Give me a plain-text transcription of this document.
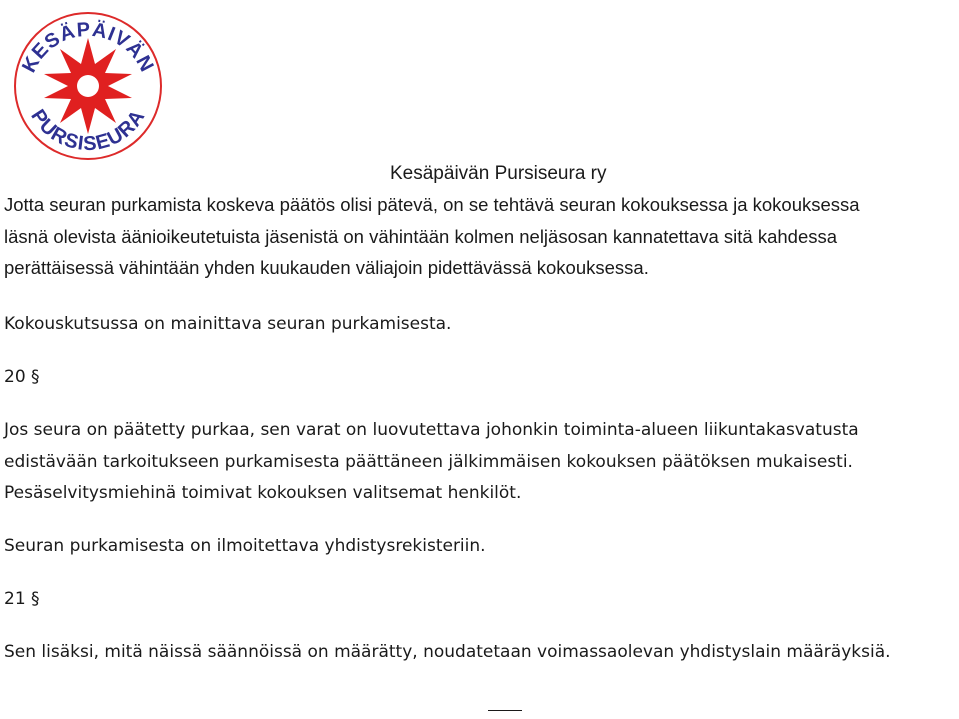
KESÄPÄIVÄN
PURSISEURA
Kesäpäivän Pursiseura ry
Jotta seuran purkamista koskeva päätös olisi pätevä, on se tehtävä seuran kokouksessa ja kokouksessa
läsnä olevista äänioikeutetuista jäsenistä on vähintään kolmen neljäsosan kannatettava sitä kahdessa
perättäisessä vähintään yhden kuukauden väliajoin pidettävässä kokouksessa.
Kokouskutsussa on mainittava seuran purkamisesta.
20 §
Jos seura on päätetty purkaa, sen varat on luovutettava johonkin toiminta-alueen liikuntakasvatusta
edistävään tarkoitukseen purkamisesta päättäneen jälkimmäisen kokouksen päätöksen mukaisesti.
Pesäselvitysmiehinä toimivat kokouksen valitsemat henkilöt.
Seuran purkamisesta on ilmoitettava yhdistysrekisteriin.
21 §
Sen lisäksi, mitä näissä säännöissä on määrätty, noudatetaan voimassaolevan yhdistyslain määräyksiä.
